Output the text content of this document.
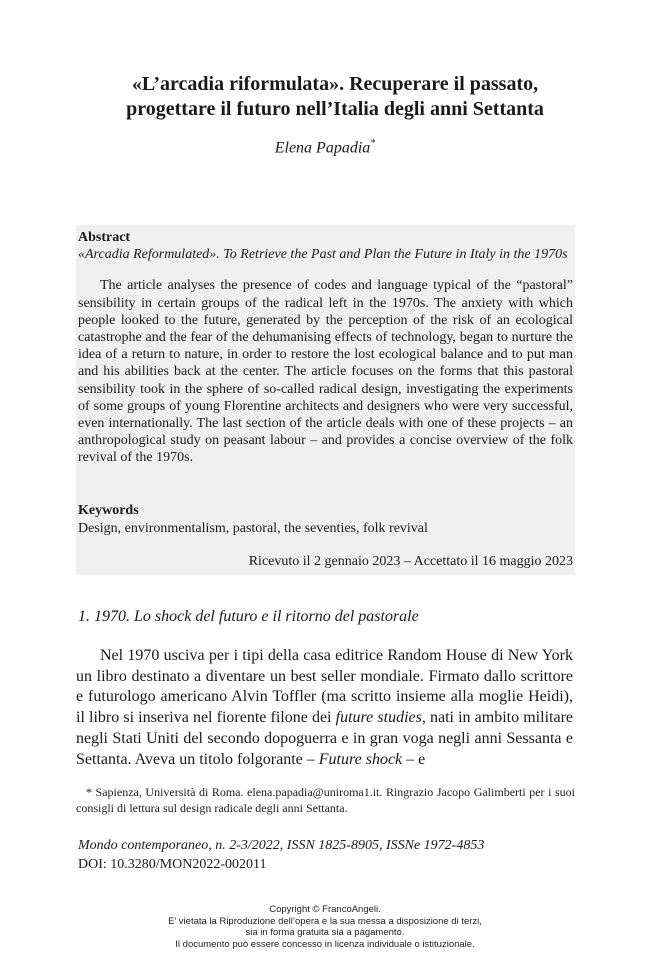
«L’arcadia riformulata». Recuperare il passato,
progettare il futuro nell’Italia degli anni Settanta
Elena Papadia*
Abstract
«Arcadia Reformulated». To Retrieve the Past and Plan the Future in Italy in the 1970s
The article analyses the presence of codes and language typical of the “pastoral” sensibility in certain groups of the radical left in the 1970s. The anxiety with which people looked to the future, generated by the perception of the risk of an ecological catastrophe and the fear of the dehumanising effects of technology, began to nurture the idea of a return to nature, in order to restore the lost ecological balance and to put man and his abilities back at the center. The article focuses on the forms that this pastoral sensibility took in the sphere of so-called radical design, investigating the experiments of some groups of young Florentine architects and designers who were very successful, even internationally. The last section of the article deals with one of these projects – an anthropological study on peasant labour – and provides a concise overview of the folk revival of the 1970s.
Keywords
Design, environmentalism, pastoral, the seventies, folk revival
Ricevuto il 2 gennaio 2023 – Accettato il 16 maggio 2023
1. 1970. Lo shock del futuro e il ritorno del pastorale
Nel 1970 usciva per i tipi della casa editrice Random House di New York un libro destinato a diventare un best seller mondiale. Firmato dallo scrittore e futurologo americano Alvin Toffler (ma scritto insieme alla moglie Heidi), il libro si inseriva nel fiorente filone dei future studies, nati in ambito militare negli Stati Uniti del secondo dopoguerra e in gran voga negli anni Sessanta e Settanta. Aveva un titolo folgorante – Future shock – e
* Sapienza, Università di Roma. elena.papadia@uniroma1.it. Ringrazio Jacopo Galimberti per i suoi consigli di lettura sul design radicale degli anni Settanta.
Mondo contemporaneo, n. 2-3/2022, ISSN 1825-8905, ISSNe 1972-4853
DOI: 10.3280/MON2022-002011
Copyright © FrancoAngeli.
E’ vietata la Riproduzione dell’opera e la sua messa a disposizione di terzi,
sia in forma gratuita sia a pagamento.
Il documento può essere concesso in licenza individuale o istituzionale.
